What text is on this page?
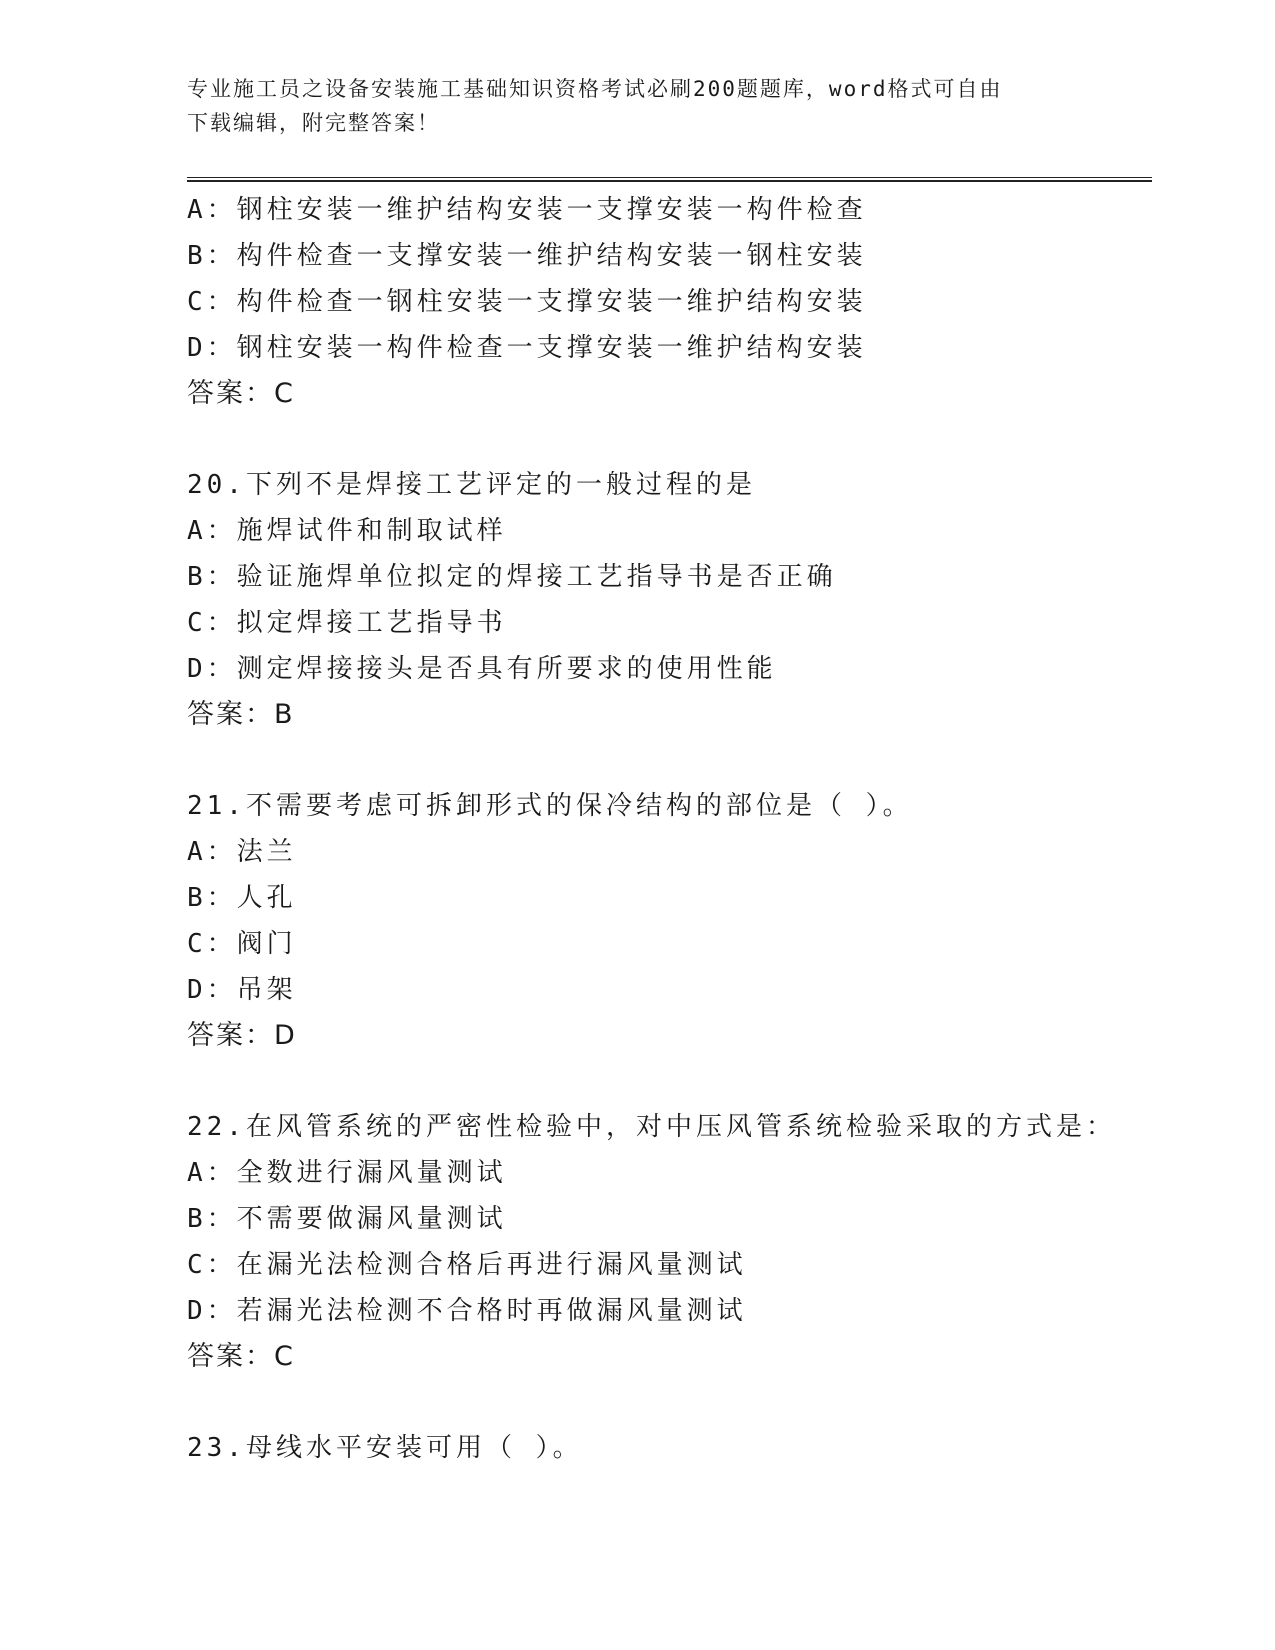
专业施工员之设备安装施工基础知识资格考试必刷200题题库，word格式可自由
下载编辑，附完整答案！
A：钢柱安装一维护结构安装一支撑安装一构件检查
B：构件检查一支撑安装一维护结构安装一钢柱安装
C：构件检查一钢柱安装一支撑安装一维护结构安装
D：钢柱安装一构件检查一支撑安装一维护结构安装
答案：C
20.下列不是焊接工艺评定的一般过程的是
A：施焊试件和制取试样
B：验证施焊单位拟定的焊接工艺指导书是否正确
C：拟定焊接工艺指导书
D：测定焊接接头是否具有所要求的使用性能
答案：B
21.不需要考虑可拆卸形式的保冷结构的部位是（ ）。
A：法兰
B：人孔
C：阀门
D：吊架
答案：D
22.在风管系统的严密性检验中，对中压风管系统检验采取的方式是：
A：全数进行漏风量测试
B：不需要做漏风量测试
C：在漏光法检测合格后再进行漏风量测试
D：若漏光法检测不合格时再做漏风量测试
答案：C
23.母线水平安装可用（ ）。
